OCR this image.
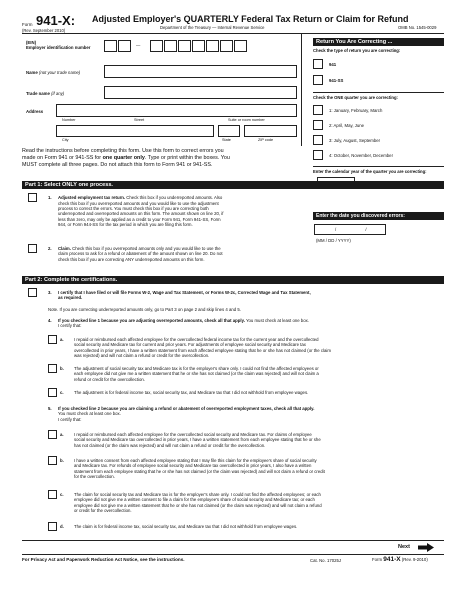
Form 941-X:
(Rev. September 2010)
Adjusted Employer's QUARTERLY Federal Tax Return or Claim for Refund
Department of the Treasury — Internal Revenue Service	OMB No. 1545-0029
(EIN)
Employer identification number	—
Name (not your trade name)
Trade name (if any)
Address
Number	Street	Suite or room number
City	State	ZIP code
Read the instructions before completing this form. Use this form to correct errors you
made on Form 941 or 941-SS for one quarter only. Type or print within the boxes. You
MUST complete all three pages. Do not attach this form to Form 941 or 941-SS.
Return You Are Correcting ...
Check the type of return you are correcting:
941
941-SS
Check the ONE quarter you are correcting:
1: January, February, March
2: April, May, June
3: July, August, September
4: October, November, December
Enter the calendar year of the quarter you are correcting:
Part 1: Select ONLY one process.
1. Adjusted employment tax return. Check this box if you underreported amounts. Also
check this box if you overreported amounts and you would like to use the adjustment
process to correct the errors. You must check this box if you are correcting both
underreported and overreported amounts on this form. The amount shown on line 20, if
less than zero, may only be applied as a credit to your Form 941, Form 941-SS, Form
944, or Form 944-SS for the tax period in which you are filing this form.
2. Claim. Check this box if you overreported amounts only and you would like to use the
claim process to ask for a refund or abatement of the amount shown on line 20. Do not
check this box if you are correcting ANY underreported amounts on this form.
Enter the date you discovered errors:
/ /
(MM / DD / YYYY)
Part 2: Complete the certifications.
3. I certify that I have filed or will file Forms W-2, Wage and Tax Statement, or Forms W-2c, Corrected Wage and Tax Statement,
as required.
Note. If you are correcting underreported amounts only, go to Part 3 on page 2 and skip lines 4 and 5.
4. If you checked line 1 because you are adjusting overreported amounts, check all that apply. You must check at least one box.
I certify that:
a. I repaid or reimbursed each affected employee for the overcollected federal income tax for the current year and the overcollected
social security and Medicare tax for current and prior years. For adjustments of employee social security and Medicare tax
overcollected in prior years, I have a written statement from each affected employee stating that he or she has not claimed (or the claim
was rejected) and will not claim a refund or credit for the overcollection.
b. The adjustment of social security tax and Medicare tax is for the employer's share only. I could not find the affected employees or
each employee did not give me a written statement that he or she has not claimed (or the claim was rejected) and will not claim a
refund or credit for the overcollection.
c. The adjustment is for federal income tax, social security tax, and Medicare tax that I did not withhold from employee wages.
5. If you checked line 2 because you are claiming a refund or abatement of overreported employment taxes, check all that apply.
You must check at least one box.
I certify that:
a. I repaid or reimbursed each affected employee for the overcollected social security and Medicare tax. For claims of employee
social security and Medicare tax overcollected in prior years, I have a written statement from each employee stating that he or she
has not claimed (or the claim was rejected) and will not claim a refund or credit for the overcollection.
b. I have a written consent from each affected employee stating that I may file this claim for the employee's share of social security
and Medicare tax. For refunds of employee social security and Medicare tax overcollected in prior years, I also have a written
statement from each employee stating that he or she has not claimed (or the claim was rejected) and will not claim a refund or credit
for the overcollection.
c. The claim for social security tax and Medicare tax is for the employer's share only. I could not find the affected employees; or each
employee did not give me a written consent to file a claim for the employee's share of social security and Medicare tax; or each
employee did not give me a written statement that he or she has not claimed (or the claim was rejected) and will not claim a refund
or credit for the overcollection.
d. The claim is for federal income tax, social security tax, and Medicare tax that I did not withhold from employee wages.
Next
For Privacy Act and Paperwork Reduction Act Notice, see the instructions.	Cat. No. 17025J	Form 941-X (Rev. 9-2010)
